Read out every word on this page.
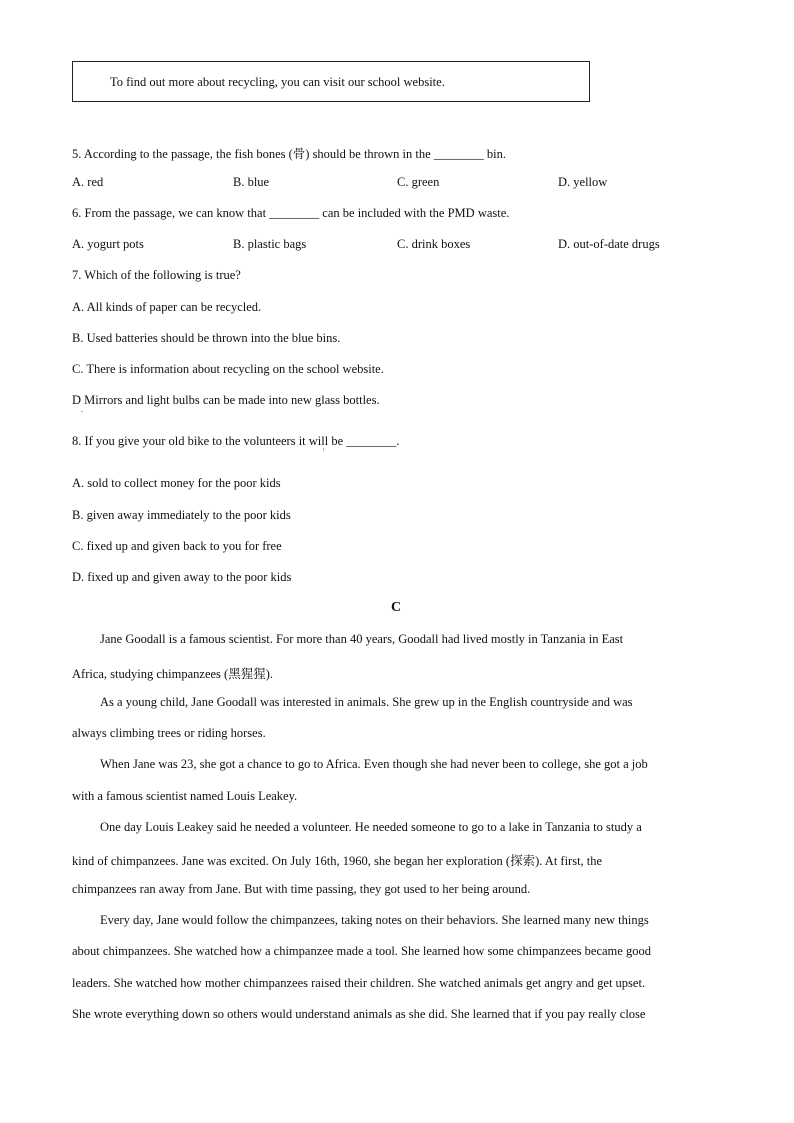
To find out more about recycling, you can visit our school website.
5. According to the passage, the fish bones (骨) should be thrown in the ________ bin.
A. red	B. blue	C. green	D. yellow
6. From the passage, we can know that ________ can be included with the PMD waste.
A. yogurt pots	B. plastic bags	C. drink boxes	D. out-of-date drugs
7. Which of the following is true?
A. All kinds of paper can be recycled.
B. Used batteries should be thrown into the blue bins.
C. There is information about recycling on the school website.
D Mirrors and light bulbs can be made into new glass bottles.
.
8. If you give your old bike to the volunteers it will be ________.
'
A. sold to collect money for the poor kids
B. given away immediately to the poor kids
C. fixed up and given back to you for free
D. fixed up and given away to the poor kids
C
Jane Goodall is a famous scientist. For more than 40 years, Goodall had lived mostly in Tanzania in East
Africa, studying chimpanzees (黑猩猩).
As a young child, Jane Goodall was interested in animals. She grew up in the English countryside and was
always climbing trees or riding horses.
When Jane was 23, she got a chance to go to Africa. Even though she had never been to college, she got a job
with a famous scientist named Louis Leakey.
One day Louis Leakey said he needed a volunteer. He needed someone to go to a lake in Tanzania to study a
kind of chimpanzees. Jane was excited. On July 16th, 1960, she began her exploration (探索). At first, the
chimpanzees ran away from Jane. But with time passing, they got used to her being around.
Every day, Jane would follow the chimpanzees, taking notes on their behaviors. She learned many new things
about chimpanzees. She watched how a chimpanzee made a tool. She learned how some chimpanzees became good
leaders. She watched how mother chimpanzees raised their children. She watched animals get angry and get upset.
She wrote everything down so others would understand animals as she did. She learned that if you pay really close
